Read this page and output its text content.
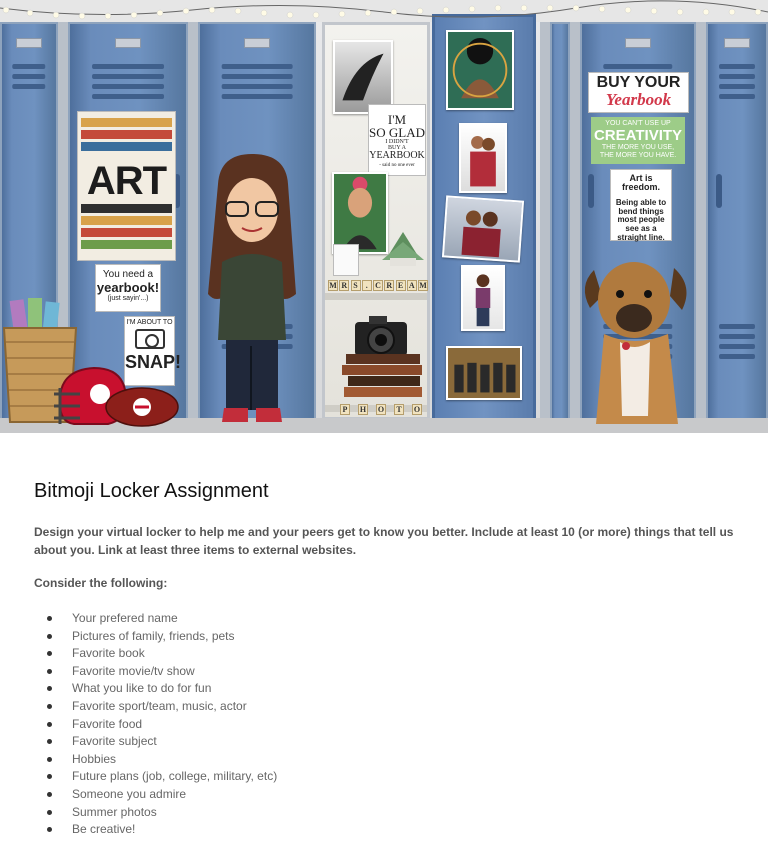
ART
You need a
yearbook!
(just sayin'...)
I'M ABOUT TO
SNAP!
I'M
SO GLAD
I DIDN'T
BUY A
YEARBOOK
- said no one ever
M R S	. C R E A M
P	H O T O
BUY YOUR
Yearbook
YOU CAN'T USE UP
CREATIVITY
THE MORE YOU USE,
THE MORE YOU HAVE.
Art is freedom.
Being able to bend things most people see as a straight line.
Bitmoji Locker Assignment

Design your virtual locker to help me and your peers get to know you better. Include at least 10 (or more) things that tell us about you. Link at least three items to external websites.

Consider the following:

Your prefered name
Pictures of family, friends, pets
Favorite book
Favorite movie/tv show
What you like to do for fun
Favorite sport/team, music, actor
Favorite food
Favorite subject
Hobbies
Future plans (job, college, military, etc)
Someone you admire
Summer photos
Be creative!
